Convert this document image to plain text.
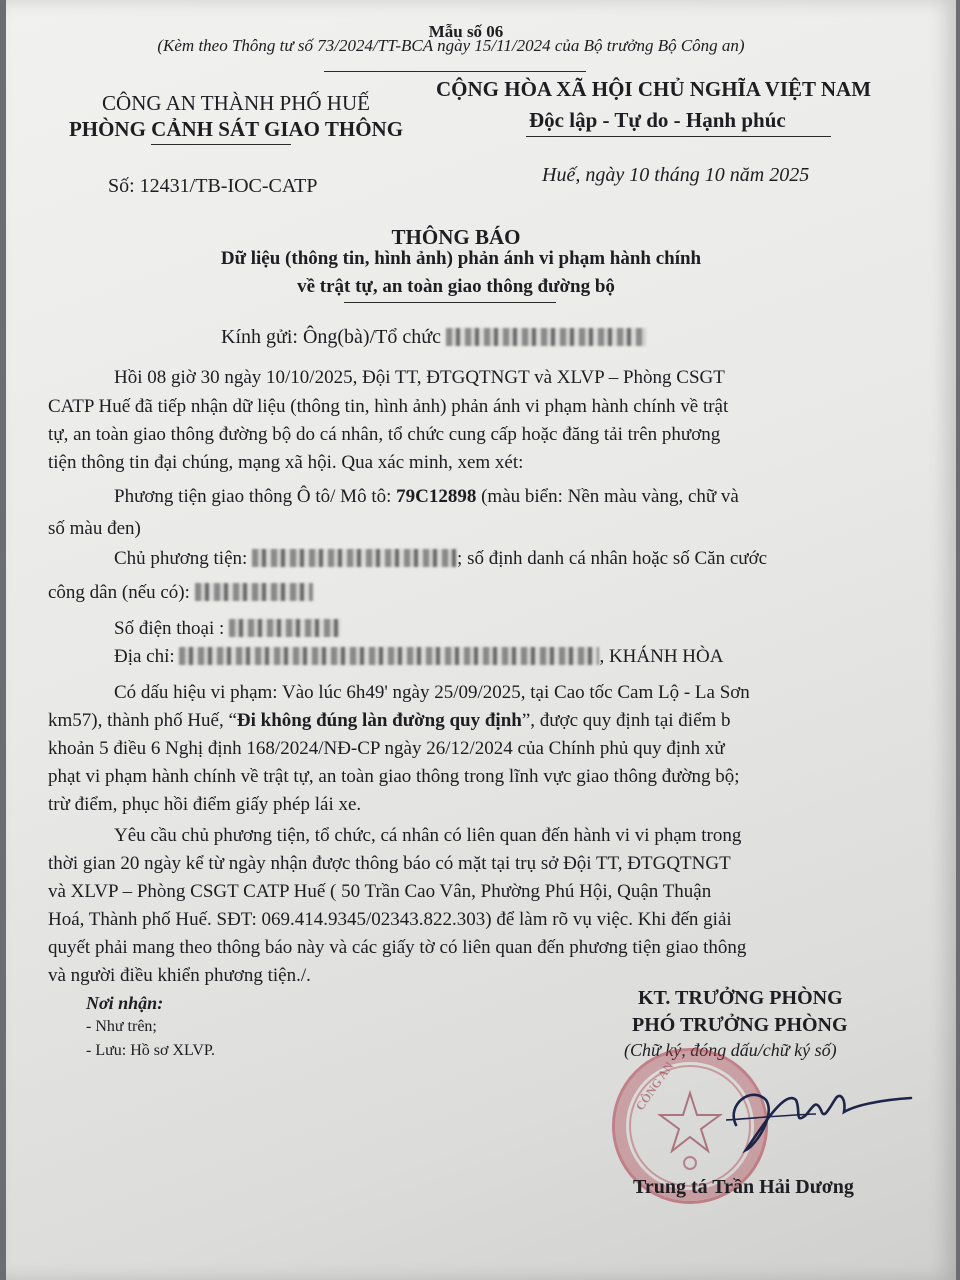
Mẫu số 06
(Kèm theo Thông tư số 73/2024/TT-BCA ngày 15/11/2024 của Bộ trưởng Bộ Công an)
CÔNG AN THÀNH PHỐ HUẾ
PHÒNG CẢNH SÁT GIAO THÔNG
CỘNG HÒA XÃ HỘI CHỦ NGHĨA VIỆT NAM
Độc lập - Tự do - Hạnh phúc
Số: 12431/TB-IOC-CATP	Huế, ngày 10 tháng 10 năm 2025
THÔNG BÁO
Dữ liệu (thông tin, hình ảnh) phản ánh vi phạm hành chính
về trật tự, an toàn giao thông đường bộ
Kính gửi: Ông(bà)/Tổ chức
Hồi 08 giờ 30 ngày 10/10/2025, Đội TT, ĐTGQTNGT và XLVP – Phòng CSGT
CATP Huế đã tiếp nhận dữ liệu (thông tin, hình ảnh) phản ánh vi phạm hành chính về trật
tự, an toàn giao thông đường bộ do cá nhân, tổ chức cung cấp hoặc đăng tải trên phương
tiện thông tin đại chúng, mạng xã hội. Qua xác minh, xem xét:
Phương tiện giao thông Ô tô/ Mô tô: 79C12898 (màu biển: Nền màu vàng, chữ và
số màu đen)
Chủ phương tiện:	; số định danh cá nhân hoặc số Căn cước
công dân (nếu có):
Số điện thoại :
Địa chỉ:	, KHÁNH HÒA
Có dấu hiệu vi phạm: Vào lúc 6h49' ngày 25/09/2025, tại Cao tốc Cam Lộ - La Sơn
km57), thành phố Huế, “Đi không đúng làn đường quy định”, được quy định tại điểm b
khoản 5 điều 6 Nghị định 168/2024/NĐ-CP ngày 26/12/2024 của Chính phủ quy định xử
phạt vi phạm hành chính về trật tự, an toàn giao thông trong lĩnh vực giao thông đường bộ;
trừ điểm, phục hồi điểm giấy phép lái xe.
Yêu cầu chủ phương tiện, tổ chức, cá nhân có liên quan đến hành vi vi phạm trong
thời gian 20 ngày kể từ ngày nhận được thông báo có mặt tại trụ sở Đội TT, ĐTGQTNGT
và XLVP – Phòng CSGT CATP Huế ( 50 Trần Cao Vân, Phường Phú Hội, Quận Thuận
Hoá, Thành phố Huế. SĐT: 069.414.9345/02343.822.303) để làm rõ vụ việc. Khi đến giải
quyết phải mang theo thông báo này và các giấy tờ có liên quan đến phương tiện giao thông
và người điều khiển phương tiện./.
Nơi nhận:
- Như trên;
- Lưu: Hồ sơ XLVP.
KT. TRƯỞNG PHÒNG
PHÓ TRƯỞNG PHÒNG
(Chữ ký, đóng dấu/chữ ký số)
CÔNG AN
Trung tá Trần Hải Dương
